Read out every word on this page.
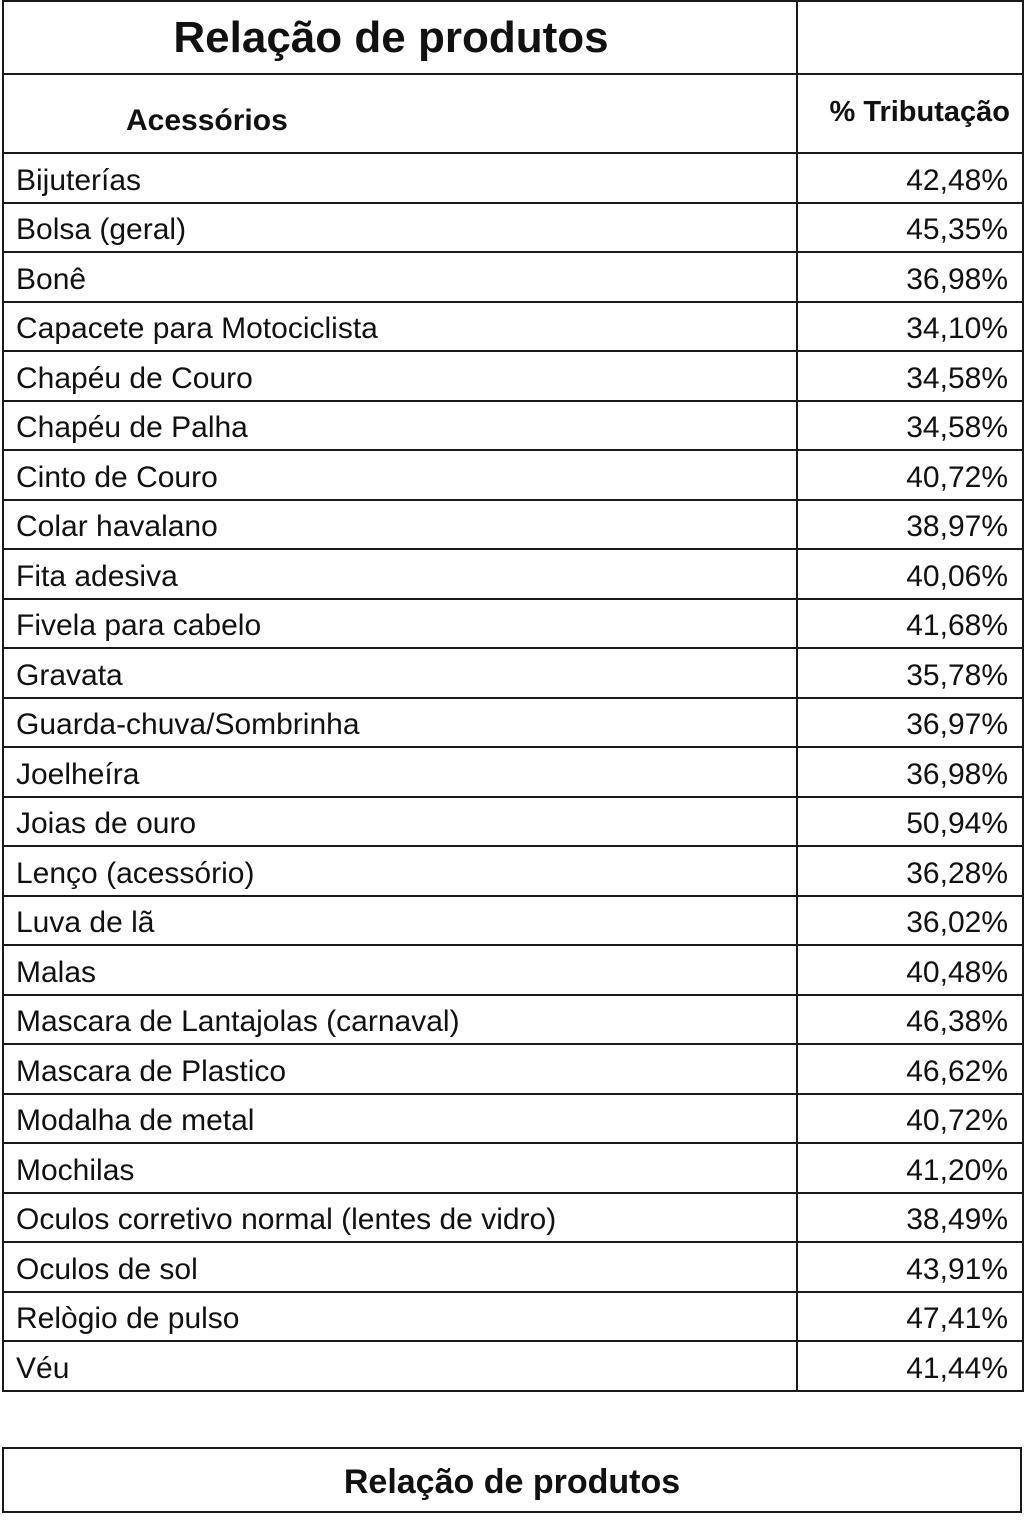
Relação de produtos	
Acessórios	% Tributação
Bijuterías	42,48%
Bolsa (geral)	45,35%
Bonê	36,98%
Capacete para Motociclista	34,10%
Chapéu de Couro	34,58%
Chapéu de Palha	34,58%
Cinto de Couro	40,72%
Colar havalano	38,97%
Fita adesiva	40,06%
Fivela para cabelo	41,68%
Gravata	35,78%
Guarda-chuva/Sombrinha	36,97%
Joelheíra	36,98%
Joias de ouro	50,94%
Lenço (acessório)	36,28%
Luva de lã	36,02%
Malas	40,48%
Mascara de Lantajolas (carnaval)	46,38%
Mascara de Plastico	46,62%
Modalha de metal	40,72%
Mochilas	41,20%
Oculos corretivo normal (lentes de vidro)	38,49%
Oculos de sol	43,91%
Relògio de pulso	47,41%
Véu	41,44%
Relação de produtos
